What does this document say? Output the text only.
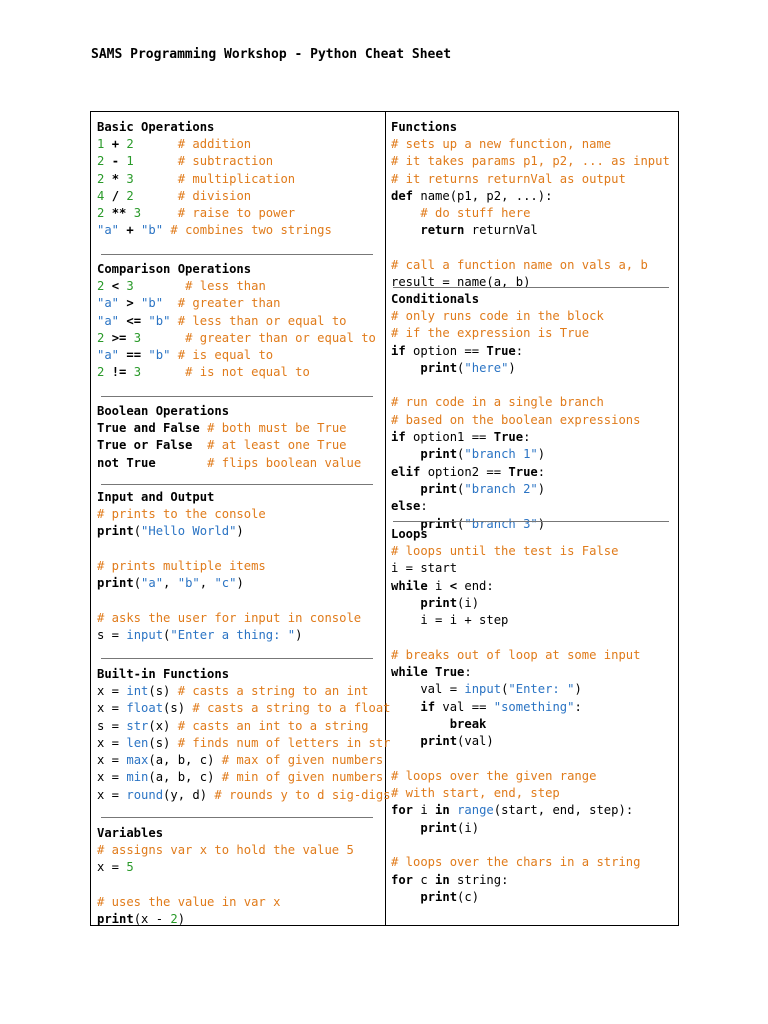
SAMS Programming Workshop - Python Cheat Sheet
Basic Operations
1 + 2	# addition
2 - 1	# subtraction
2 * 3	# multiplication
4 / 2	# division
2 ** 3	# raise to power
"a" + "b" # combines two strings
Comparison Operations
2 < 3	# less than
"a" > "b" # greater than
"a" <= "b" # less than or equal to
2 >= 3	# greater than or equal to
"a" == "b" # is equal to
2 != 3	# is not equal to
Boolean Operations
True and False # both must be True
True or False # at least one True
not True	# flips boolean value
Input and Output
# prints to the console
print("Hello World")

# prints multiple items
print("a", "b", "c")

# asks the user for input in console
s = input("Enter a thing: ")
Built-in Functions
x = int(s) # casts a string to an int
x = float(s) # casts a string to a float
s = str(x) # casts an int to a string
x = len(s) # finds num of letters in str
x = max(a, b, c) # max of given numbers
x = min(a, b, c) # min of given numbers
x = round(y, d) # rounds y to d sig-digs
Variables
# assigns var x to hold the value 5
x = 5

# uses the value in var x
print(x - 2)
Functions
# sets up a new function, name
# it takes params p1, p2, ... as input
# it returns returnVal as output
def name(p1, p2, ...):
# do stuff here
return returnVal

# call a function name on vals a, b
result = name(a, b)
Conditionals
# only runs code in the block
# if the expression is True
if option == True:
print("here")

# run code in a single branch
# based on the boolean expressions
if option1 == True:
print("branch 1")
elif option2 == True:
print("branch 2")
else:
print("branch 3")
Loops
# loops until the test is False
i = start
while i < end:
print(i)
i = i + step

# breaks out of loop at some input
while True:
val = input("Enter: ")
if val == "something":
break
print(val)

# loops over the given range
# with start, end, step
for i in range(start, end, step):
print(i)

# loops over the chars in a string
for c in string:
print(c)
